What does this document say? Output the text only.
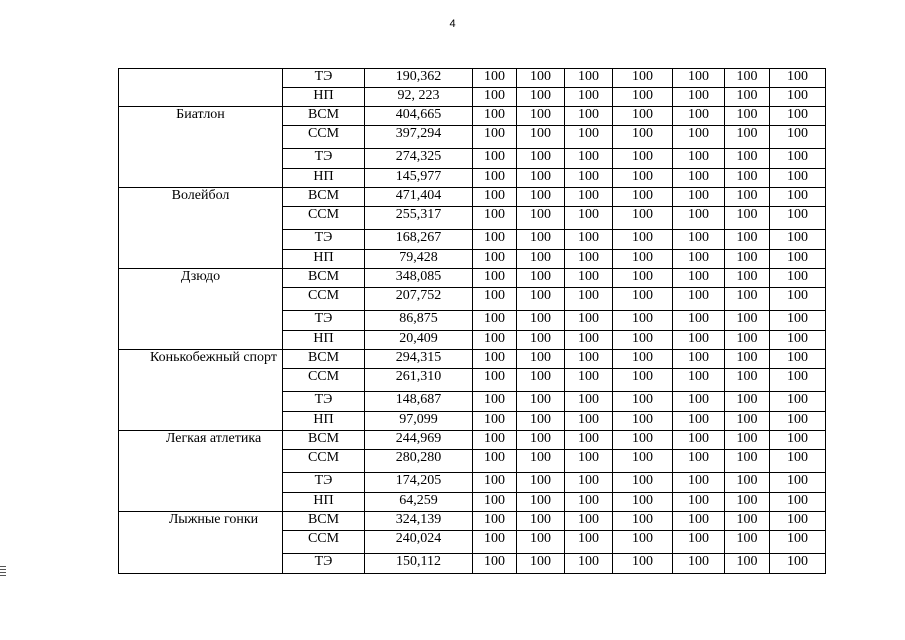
4
	ТЭ	190,362	100	100	100	100	100	100	100
	НП	92, 223	100	100	100	100	100	100	100
Биатлон	ВСМ	404,665	100	100	100	100	100	100	100
	ССМ	397,294	100	100	100	100	100	100	100
	ТЭ	274,325	100	100	100	100	100	100	100
	НП	145,977	100	100	100	100	100	100	100
Волейбол	ВСМ	471,404	100	100	100	100	100	100	100
	ССМ	255,317	100	100	100	100	100	100	100
	ТЭ	168,267	100	100	100	100	100	100	100
	НП	79,428	100	100	100	100	100	100	100
Дзюдо	ВСМ	348,085	100	100	100	100	100	100	100
	ССМ	207,752	100	100	100	100	100	100	100
	ТЭ	86,875	100	100	100	100	100	100	100
	НП	20,409	100	100	100	100	100	100	100
Конькобежный спорт	ВСМ	294,315	100	100	100	100	100	100	100
	ССМ	261,310	100	100	100	100	100	100	100
	ТЭ	148,687	100	100	100	100	100	100	100
	НП	97,099	100	100	100	100	100	100	100
Легкая атлетика	ВСМ	244,969	100	100	100	100	100	100	100
	ССМ	280,280	100	100	100	100	100	100	100
	ТЭ	174,205	100	100	100	100	100	100	100
	НП	64,259	100	100	100	100	100	100	100
Лыжные гонки	ВСМ	324,139	100	100	100	100	100	100	100
	ССМ	240,024	100	100	100	100	100	100	100
	ТЭ	150,112	100	100	100	100	100	100	100
